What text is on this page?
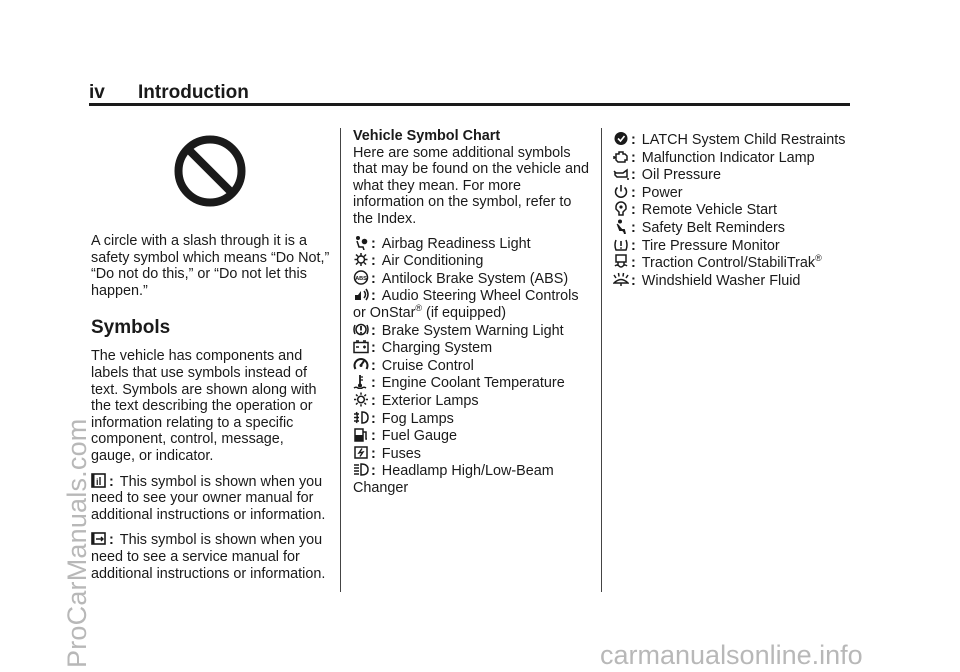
iv Introduction

A circle with a slash through it is a safety symbol which means “Do Not,” “Do not do this,” or “Do not let this happen.”

Symbols

The vehicle has components and labels that use symbols instead of text. Symbols are shown along with the text describing the operation or information relating to a specific component, control, message, gauge, or indicator.

i : This symbol is shown when you need to see your owner manual for additional instructions or information.

: This symbol is shown when you need to see a service manual for additional instructions or information.

Vehicle Symbol Chart

Here are some additional symbols that may be found on the vehicle and what they mean. For more information on the symbol, refer to the Index.

: Airbag Readiness Light

: Air Conditioning

ABS : Antilock Brake System (ABS)

: Audio Steering Wheel Controls or OnStar® (if equipped)

: Brake System Warning Light

: Charging System

: Cruise Control

: Engine Coolant Temperature

: Exterior Lamps

: Fog Lamps

: Fuel Gauge

: Fuses

: Headlamp High/Low-Beam Changer

: LATCH System Child Restraints

: Malfunction Indicator Lamp

: Oil Pressure

: Power

: Remote Vehicle Start

: Safety Belt Reminders

: Tire Pressure Monitor

: Traction Control/StabiliTrak®

: Windshield Washer Fluid

ProCarManuals.com	carmanualsonline.info
